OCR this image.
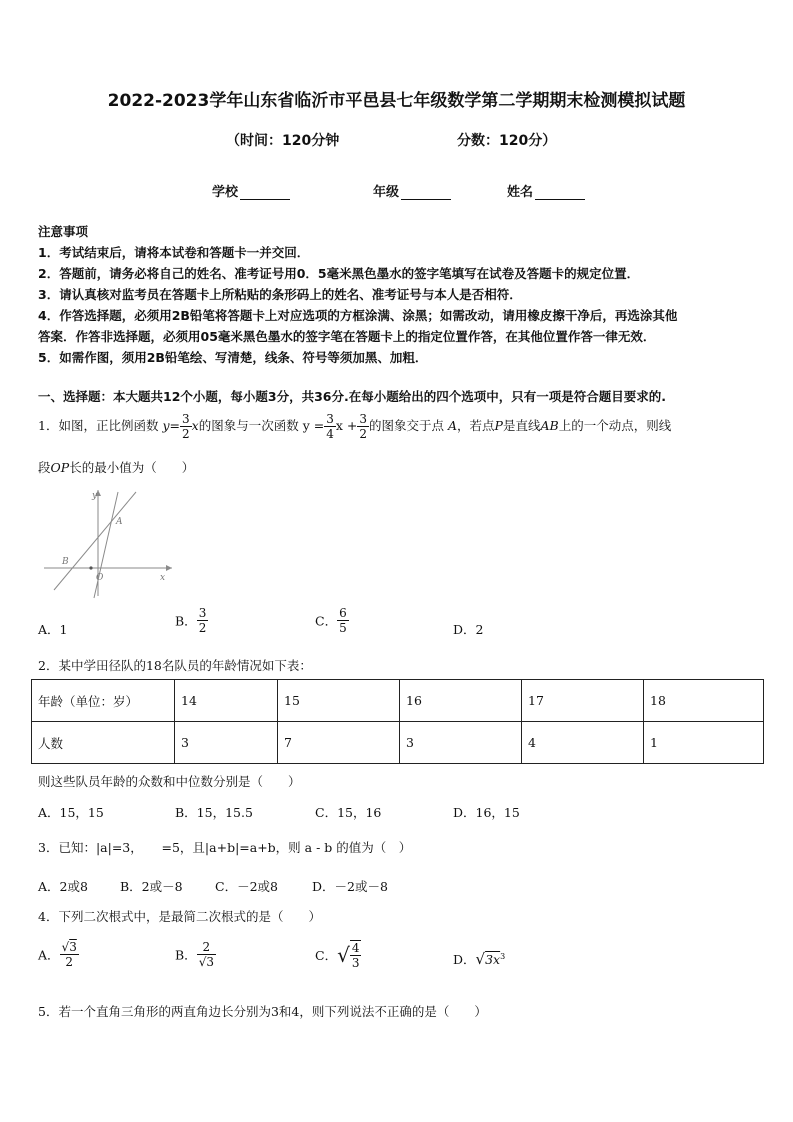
2022-2023学年山东省临沂市平邑县七年级数学第二学期期末检测模拟试题
（时间：120分钟	分数：120分）
学校	年级	姓名
注意事项
1．考试结束后，请将本试卷和答题卡一并交回．
2．答题前，请务必将自己的姓名、准考证号用0．5毫米黑色墨水的签字笔填写在试卷及答题卡的规定位置．
3．请认真核对监考员在答题卡上所粘贴的条形码上的姓名、准考证号与本人是否相符．
4．作答选择题，必须用2B铅笔将答题卡上对应选项的方框涂满、涂黑；如需改动，请用橡皮擦干净后，再选涂其他
答案．作答非选择题，必须用05毫米黑色墨水的签字笔在答题卡上的指定位置作答，在其他位置作答一律无效．
5．如需作图，须用2B铅笔绘、写清楚，线条、符号等须加黑、加粗．
一、选择题：本大题共12个小题，每小题3分，共36分.在每小题给出的四个选项中，只有一项是符合题目要求的.
1．如图，正比例函数 $y= \frac{3}{2}$ x的图象与一次函数 $y = \frac{3}{4}$ $x + \frac{3}{2}$ 的图象交于点 A，若点P是直线AB上的一个动点，则线
段OP长的最小值为（　　）
A
B
O	x
y
A．1
B． $\frac{3}{2}$	C． $\frac{6}{5}$	D．2
2．某中学田径队的18名队员的年龄情况如下表：
年龄（单位：岁）	14	15	16	17	18
人数	3	7	3	4	1
则这些队员年龄的众数和中位数分别是（　　）
A．15，15	B．15，15.5	C．15，16	D．16，15
3．已知：|a|=3，　　=5，且|a+b|=a+b，则 a - b 的值为（　）
A．2或8	B．2或－8	C．－2或8	D．－2或－8
4．下列二次根式中，是最简二次根式的是（　　）
A． $\frac{√3}{2}$	B． $\frac{2}{√3}$	C．√ $\frac{4}{3}$	D．$√3x^3$
5．若一个直角三角形的两直角边长分别为3和4，则下列说法不正确的是（　　）
